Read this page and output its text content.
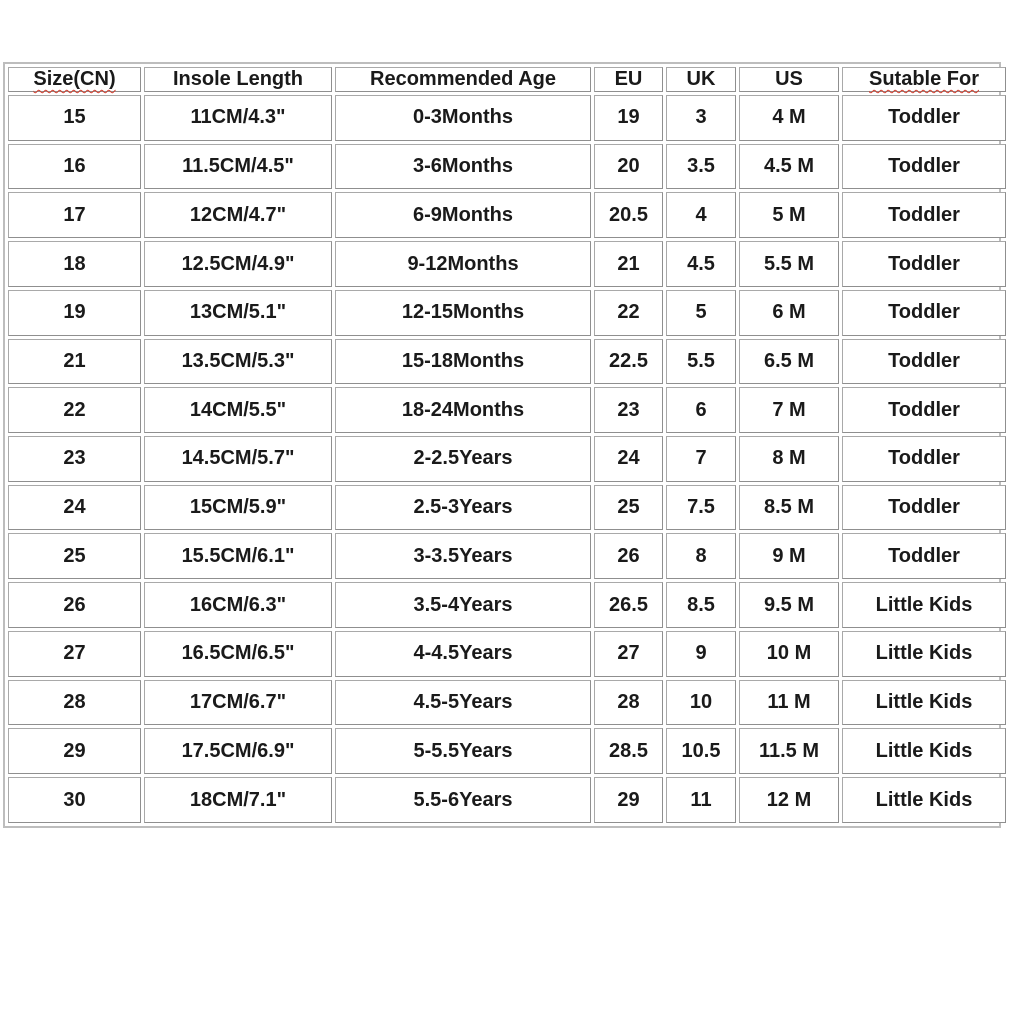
Size(CN)	Insole Length	Recommended Age	EU	UK	US	Sutable For
15	11CM/4.3"	0-3Months	19	3	4 M	Toddler
16	11.5CM/4.5"	3-6Months	20	3.5	4.5 M	Toddler
17	12CM/4.7"	6-9Months	20.5	4	5 M	Toddler
18	12.5CM/4.9"	9-12Months	21	4.5	5.5 M	Toddler
19	13CM/5.1"	12-15Months	22	5	6 M	Toddler
21	13.5CM/5.3"	15-18Months	22.5	5.5	6.5 M	Toddler
22	14CM/5.5"	18-24Months	23	6	7 M	Toddler
23	14.5CM/5.7"	2-2.5Years	24	7	8 M	Toddler
24	15CM/5.9"	2.5-3Years	25	7.5	8.5 M	Toddler
25	15.5CM/6.1"	3-3.5Years	26	8	9 M	Toddler
26	16CM/6.3"	3.5-4Years	26.5	8.5	9.5 M	Little Kids
27	16.5CM/6.5"	4-4.5Years	27	9	10 M	Little Kids
28	17CM/6.7"	4.5-5Years	28	10	11 M	Little Kids
29	17.5CM/6.9"	5-5.5Years	28.5	10.5	11.5 M	Little Kids
30	18CM/7.1"	5.5-6Years	29	11	12 M	Little Kids
